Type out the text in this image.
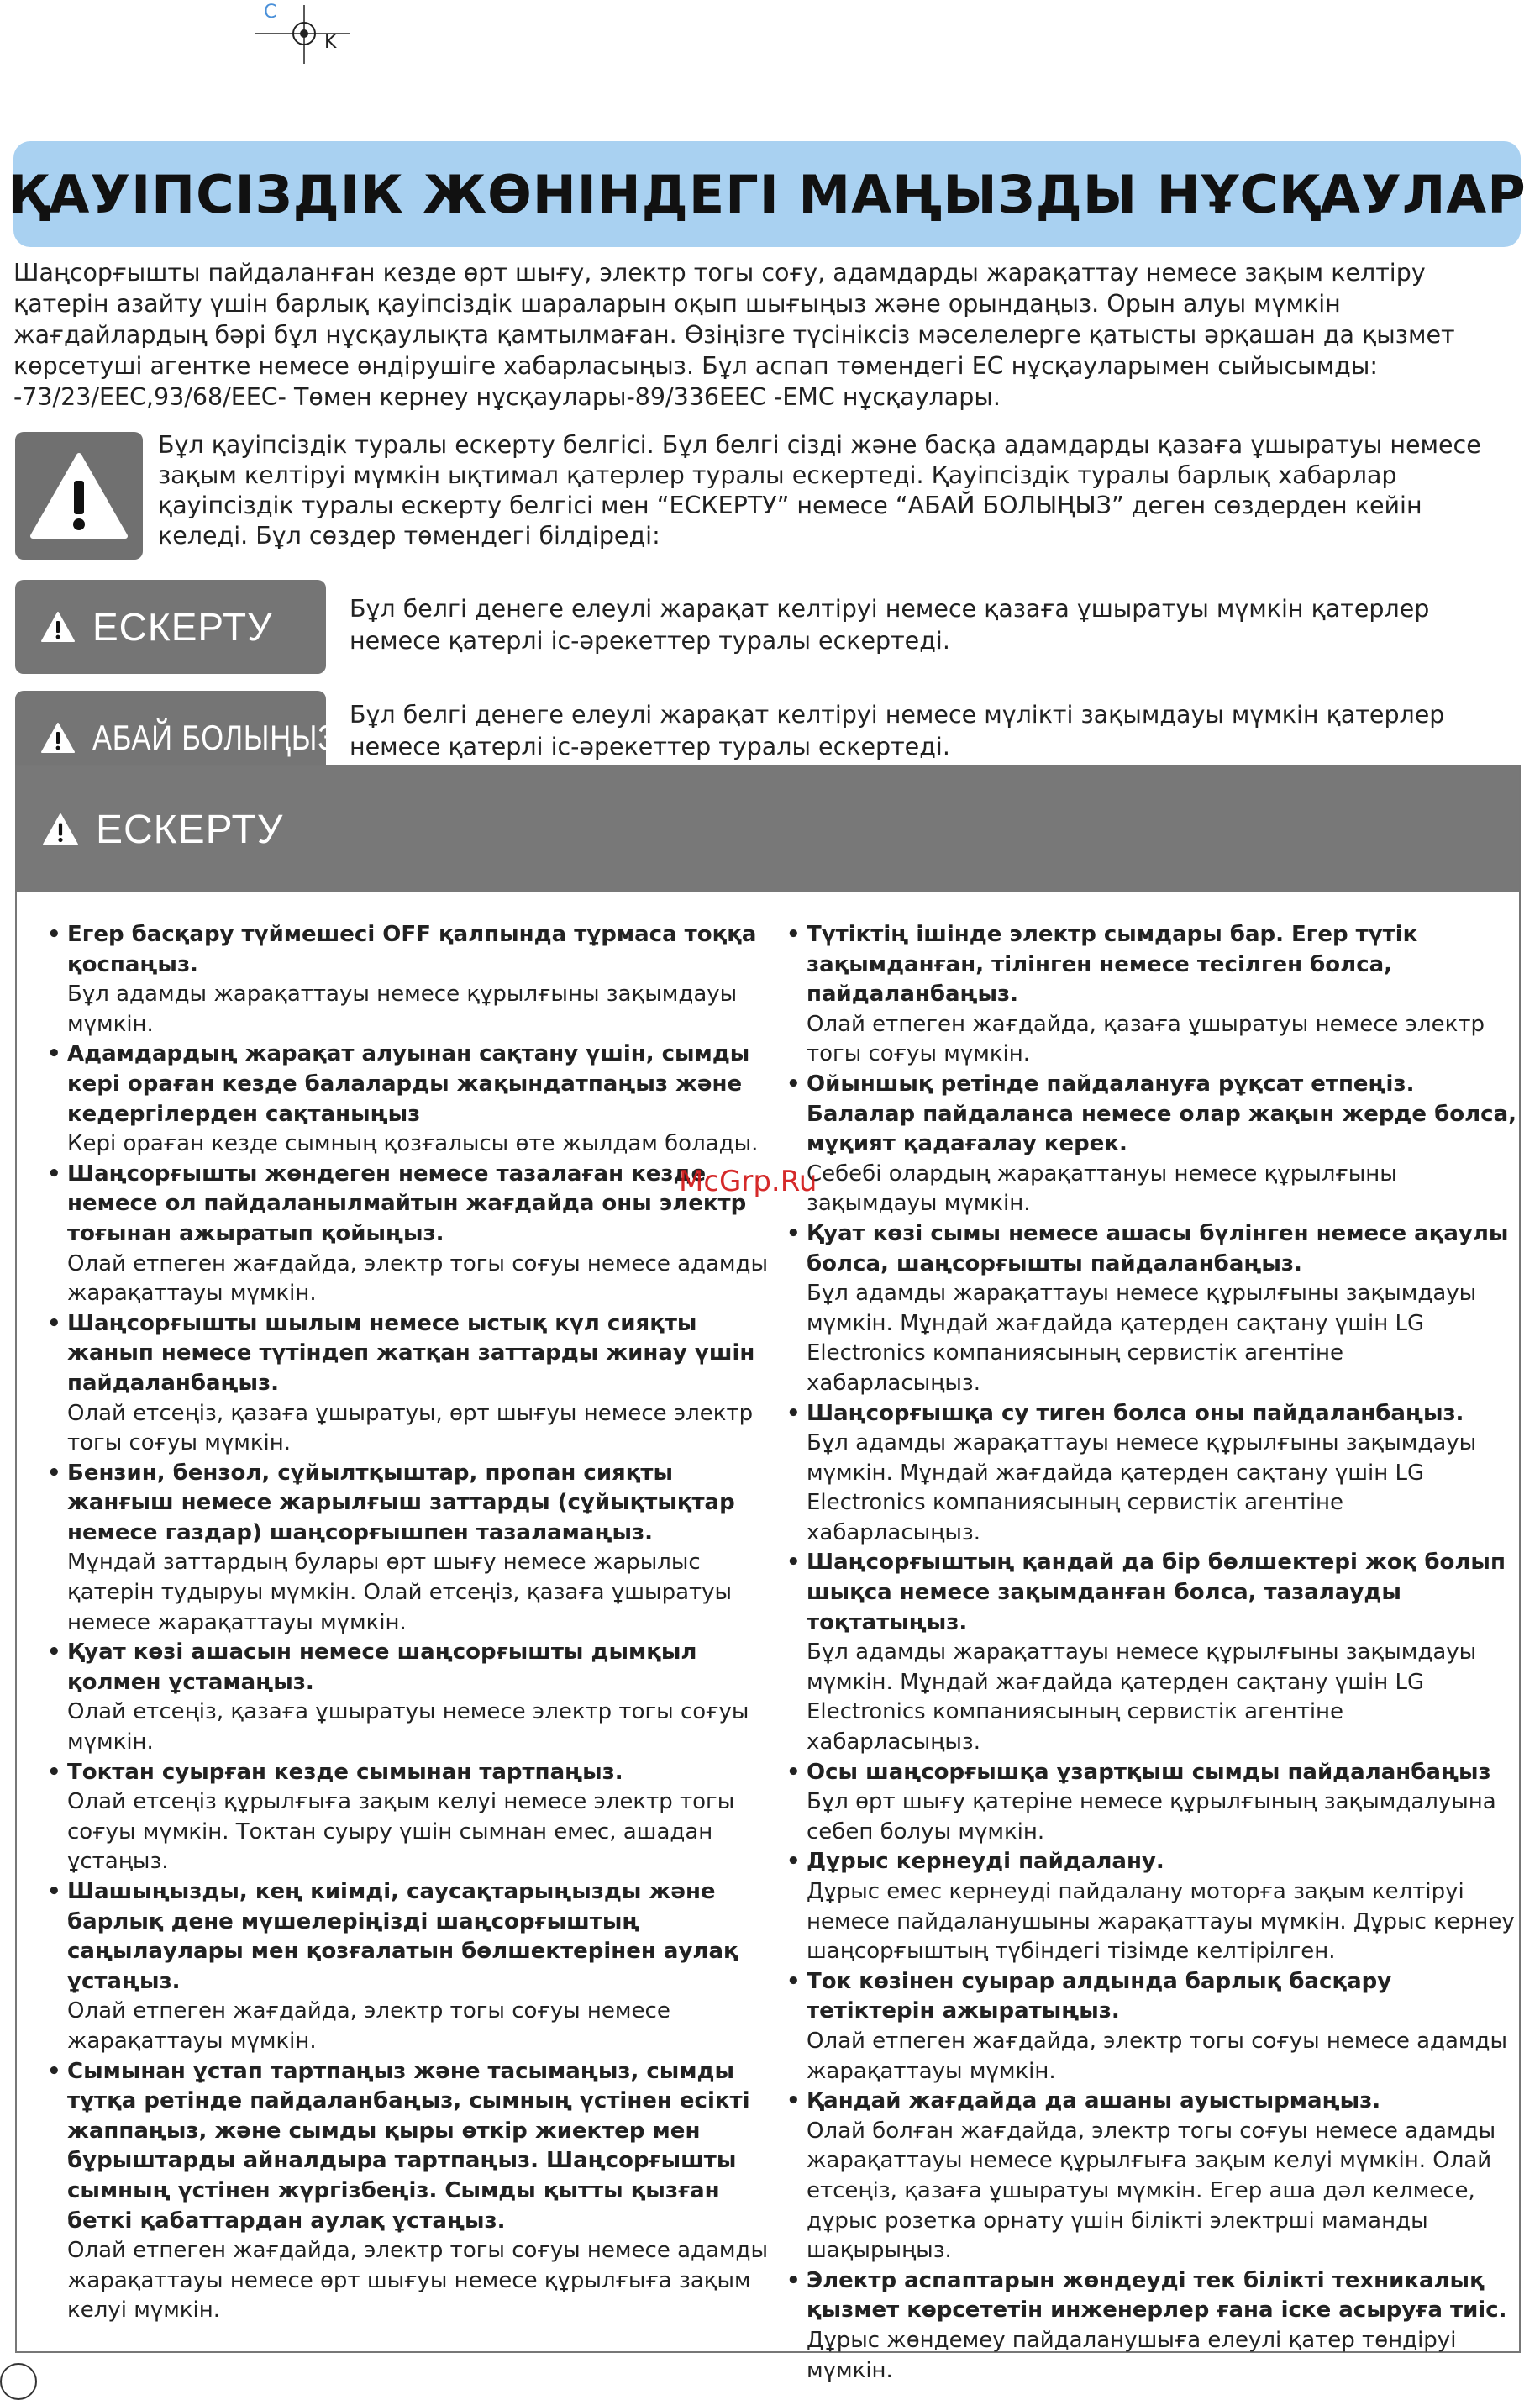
C
K
ҚАУІПСІЗДІК ЖӨНІНДЕГІ МАҢЫЗДЫ НҰСҚАУЛАР

Шаңсорғышты пайдаланған кезде өрт шығу, электр тогы соғу, адамдарды жарақаттау немесе зақым келтіру қатерін азайту үшін барлық қауіпсіздік шараларын оқып шығыңыз және орындаңыз. Орын алуы мүмкін жағдайлардың бәрі бұл нұсқаулықта қамтылмаған. Өзіңізге түсініксіз мәселелерге қатысты әрқашан да қызмет көрсетуші агентке немесе өндірушіге хабарласыңыз. Бұл аспап төмендегі ЕС нұсқауларымен сыйысымды: -73/23/EEC,93/68/EEC- Төмен кернеу нұсқаулары-89/336EEC -EMC нұсқаулары.

Бұл қауіпсіздік туралы ескерту белгісі. Бұл белгі сізді және басқа адамдарды қазаға ұшыратуы немесе зақым келтіруі мүмкін ықтимал қатерлер туралы ескертеді. Қауіпсіздік туралы барлық хабарлар қауіпсіздік туралы ескерту белгісі мен “ЕСКЕРТУ” немесе “АБАЙ БОЛЫҢЫЗ” деген сөздерден кейін келеді. Бұл сөздер төмендегі білдіреді:

ЕСКЕРТУ	Бұл белгі денеге елеулі жарақат келтіруі немесе қазаға ұшыратуы мүмкін қатерлер немесе қатерлі іс-әрекеттер туралы ескертеді.

АБАЙ БОЛЫҢЫЗ

Бұл белгі денеге елеулі жарақат келтіруі немесе мүлікті зақымдауы мүмкін қатерлер немесе қатерлі іс-әрекеттер туралы ескертеді.

ЕСКЕРТУ
• Егер басқару түймешесі OFF қалпында тұрмаса тоққа қоспаңыз.
Бұл адамды жарақаттауы немесе құрылғыны зақымдауы мүмкін.
• Адамдардың жарақат алуынан сақтану үшін, сымды кері ораған кезде балаларды жақындатпаңыз және кедергілерден сақтаныңыз
Кері ораған кезде сымның қозғалысы өте жылдам болады.
• Шаңсорғышты жөндеген немесе тазалаған кезде немесе ол пайдаланылмайтын жағдайда оны электр тоғынан ажыратып қойыңыз.
Олай етпеген жағдайда, электр тогы соғуы немесе адамды жарақаттауы мүмкін.
• Шаңсорғышты шылым немесе ыстық күл сияқты жанып немесе түтіндеп жатқан заттарды жинау үшін пайдаланбаңыз.
Олай етсеңіз, қазаға ұшыратуы, өрт шығуы немесе электр тогы соғуы мүмкін.
• Бензин, бензол, сұйылтқыштар, пропан сияқты жанғыш немесе жарылғыш заттарды (сұйықтықтар немесе газдар) шаңсорғышпен тазаламаңыз.
Мұндай заттардың булары өрт шығу немесе жарылыс қатерін тудыруы мүмкін. Олай етсеңіз, қазаға ұшыратуы немесе жарақаттауы мүмкін.
• Қуат көзі ашасын немесе шаңсорғышты дымқыл қолмен ұстамаңыз.
Олай етсеңіз, қазаға ұшыратуы немесе электр тогы соғуы мүмкін.
• Токтан суырған кезде сымынан тартпаңыз.
Олай етсеңіз құрылғыға зақым келуі немесе электр тогы соғуы мүмкін. Токтан суыру үшін сымнан емес, ашадан ұстаңыз.
• Шашыңызды, кең киімді, саусақтарыңызды және барлық дене мүшелеріңізді шаңсорғыштың саңылаулары мен қозғалатын бөлшектерінен аулақ ұстаңыз.
Олай етпеген жағдайда, электр тогы соғуы немесе жарақаттауы мүмкін.
• Сымынан ұстап тартпаңыз және тасымаңыз, сымды тұтқа ретінде пайдаланбаңыз, сымның үстінен есікті жаппаңыз, және сымды қыры өткір жиектер мен бұрыштарды айналдыра тартпаңыз. Шаңсорғышты сымның үстінен жүргізбеңіз. Сымды қытты қызған беткі қабаттардан аулақ ұстаңыз.
Олай етпеген жағдайда, электр тогы соғуы немесе адамды жарақаттауы немесе өрт шығуы немесе құрылғыға зақым келуі мүмкін.
• Түтіктің ішінде электр сымдары бар. Егер түтік зақымданған, тілінген немесе тесілген болса, пайдаланбаңыз.
Олай етпеген жағдайда, қазаға ұшыратуы немесе электр тогы соғуы мүмкін.
• Ойыншық ретінде пайдалануға рұқсат етпеңіз. Балалар пайдаланса немесе олар жақын жерде болса, мұқият қадағалау керек.
Себебі олардың жарақаттануы немесе құрылғыны зақымдауы мүмкін.
• Қуат көзі сымы немесе ашасы бүлінген немесе ақаулы болса, шаңсорғышты пайдаланбаңыз.
Бұл адамды жарақаттауы немесе құрылғыны зақымдауы мүмкін. Мұндай жағдайда қатерден сақтану үшін LG Electronics компаниясының сервистік агентіне хабарласыңыз.
• Шаңсорғышқа су тиген болса оны пайдаланбаңыз.
Бұл адамды жарақаттауы немесе құрылғыны зақымдауы мүмкін. Мұндай жағдайда қатерден сақтану үшін LG Electronics компаниясының сервистік агентіне хабарласыңыз.
• Шаңсорғыштың қандай да бір бөлшектері жоқ болып шықса немесе зақымданған болса, тазалауды тоқтатыңыз.
Бұл адамды жарақаттауы немесе құрылғыны зақымдауы мүмкін. Мұндай жағдайда қатерден сақтану үшін LG Electronics компаниясының сервистік агентіне хабарласыңыз.
• Осы шаңсорғышқа ұзартқыш сымды пайдаланбаңыз
Бұл өрт шығу қатеріне немесе құрылғының зақымдалуына себеп болуы мүмкін.
• Дұрыс кернеуді пайдалану.
Дұрыс емес кернеуді пайдалану моторға зақым келтіруі немесе пайдаланушыны жарақаттауы мүмкін. Дұрыс кернеу шаңсорғыштың түбіндегі тізімде келтірілген.
• Ток көзінен суырар алдында барлық басқару тетіктерін ажыратыңыз.
Олай етпеген жағдайда, электр тогы соғуы немесе адамды жарақаттауы мүмкін.
• Қандай жағдайда да ашаны ауыстырмаңыз.
Олай болған жағдайда, электр тогы соғуы немесе адамды жарақаттауы немесе құрылғыға зақым келуі мүмкін. Олай етсеңіз, қазаға ұшыратуы мүмкін. Егер аша дәл келмесе, дұрыс розетка орнату үшін білікті электрші маманды шақырыңыз.
• Электр аспаптарын жөндеуді тек білікті техникалық қызмет көрсететін инженерлер ғана іске асыруға тиіс.
Дұрыс жөндемеу пайдаланушыға елеулі қатер төндіруі мүмкін.
McGrp.Ru
